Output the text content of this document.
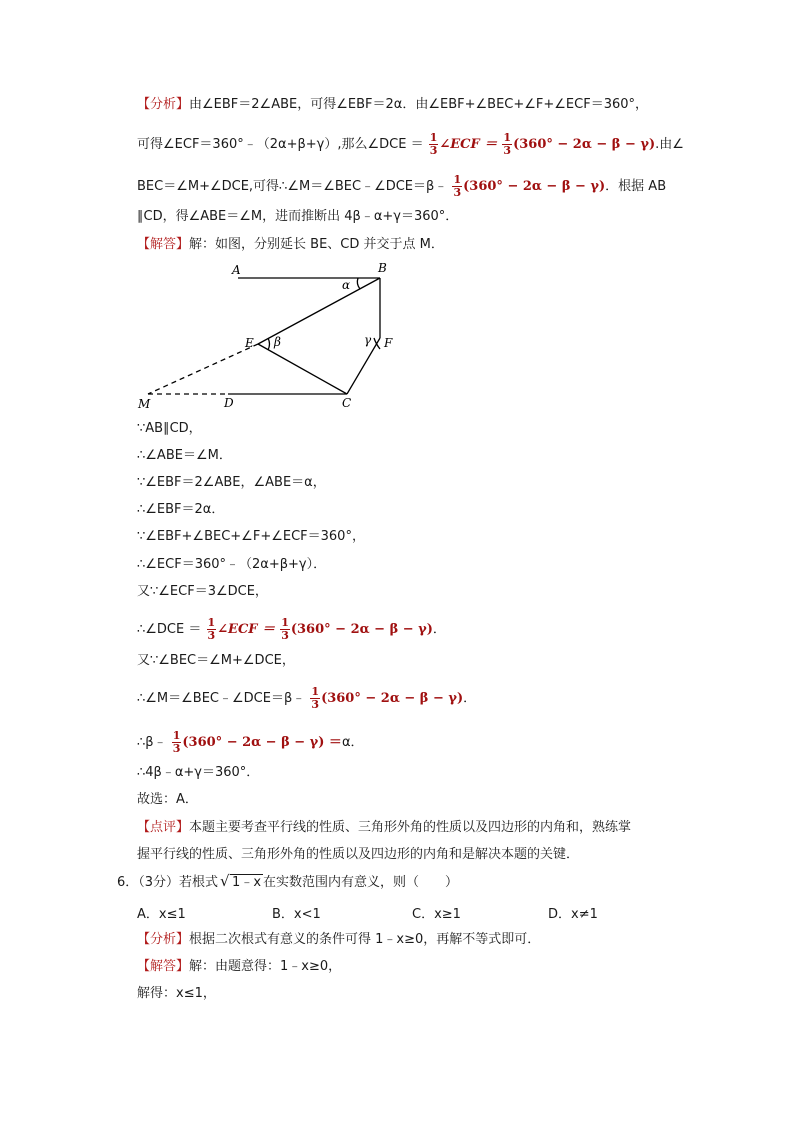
【分析】由∠EBF＝2∠ABE，可得∠EBF＝2α．由∠EBF+∠BEC+∠F+∠ECF＝360°，
可得∠ECF＝360°﹣（2α+β+γ）,那么∠DCE ＝ $\frac{1}{3}$ ∠ECF ＝ $\frac{1}{3} (360^\circ - 2\alpha - \beta - \gamma)$.由∠
BEC＝∠M+∠DCE,可得∴∠M＝∠BEC﹣∠DCE＝β﹣ $\frac{1}{3} (360^\circ - 2\alpha - \beta - \gamma)$．根据 AB
∥CD，得∠ABE＝∠M，进而推断出 4β﹣α+γ＝360°．
【解答】解：如图，分别延长 BE、CD 并交于点 M．
A	B
α
E β	γ F
M	D	C
∵AB∥CD，
∴∠ABE＝∠M．
∵∠EBF＝2∠ABE，∠ABE＝α，
∴∠EBF＝2α．
∵∠EBF+∠BEC+∠F+∠ECF＝360°，
∴∠ECF＝360°﹣（2α+β+γ）．
又∵∠ECF＝3∠DCE，
∴∠DCE ＝ $\frac{1}{3}$ ∠ECF ＝ $\frac{1}{3} (360^\circ - 2\alpha - \beta - \gamma)$．
又∵∠BEC＝∠M+∠DCE，
∴∠M＝∠BEC﹣∠DCE＝β﹣ $\frac{1}{3} (360^\circ - 2\alpha - \beta - \gamma)$．
∴β﹣ $\frac{1}{3} (360^\circ - 2\alpha - \beta - \gamma) =\alpha$．
∴4β﹣α+γ＝360°．
故选：A．
【点评】本题主要考查平行线的性质、三角形外角的性质以及四边形的内角和，熟练掌
握平行线的性质、三角形外角的性质以及四边形的内角和是解决本题的关键．
6．（3分）若根式 √ 1﹣x 在实数范围内有意义，则（　　）
A．x≤1	B．x<1	C．x≥1	D．x≠1
【分析】根据二次根式有意义的条件可得 1﹣x≥0，再解不等式即可．
【解答】解：由题意得：1﹣x≥0，
解得：x≤1，
